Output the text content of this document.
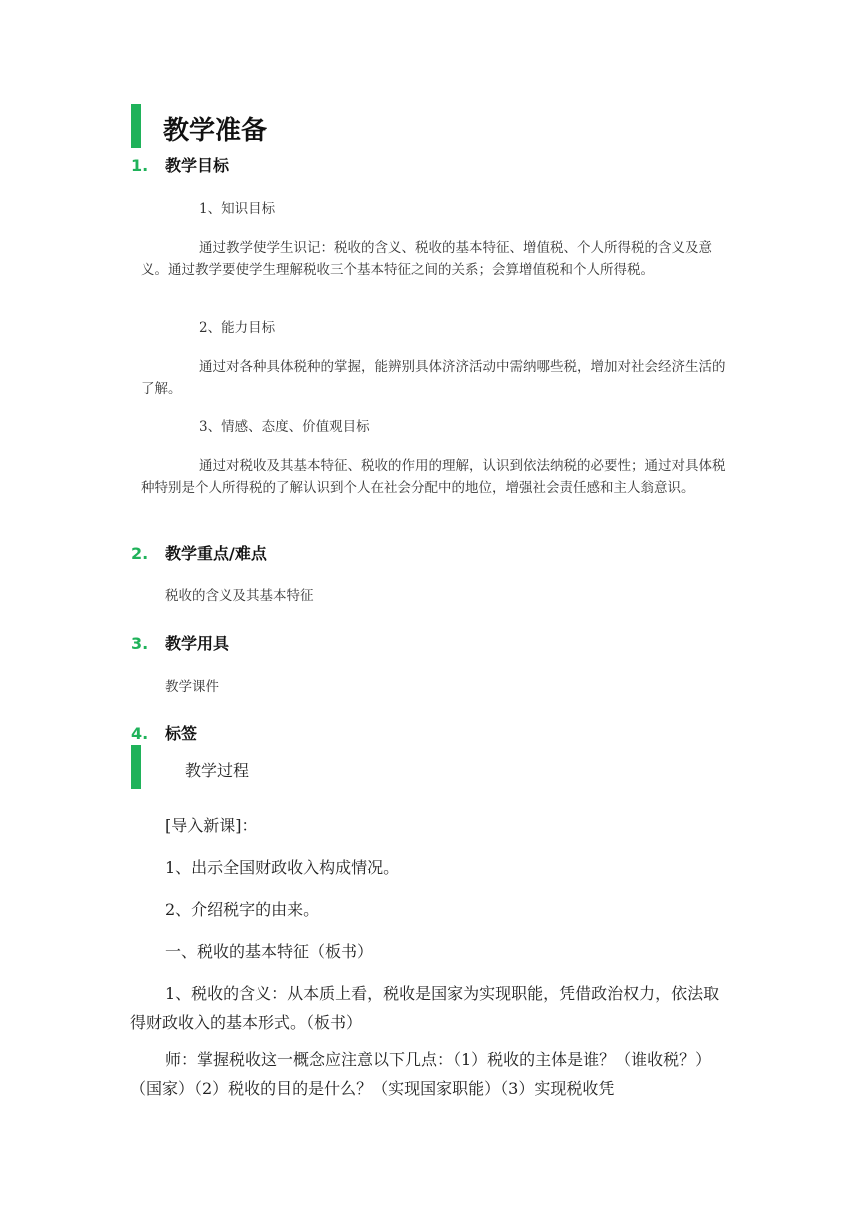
教学准备
1. 教学目标
1、知识目标
通过教学使学生识记：税收的含义、税收的基本特征、增值税、个人所得税的含义及意义。通过教学要使学生理解税收三个基本特征之间的关系；会算增值税和个人所得税。
2、能力目标
通过对各种具体税种的掌握，能辨别具体济济活动中需纳哪些税，增加对社会经济生活的了解。
3、情感、态度、价值观目标
通过对税收及其基本特征、税收的作用的理解，认识到依法纳税的必要性；通过对具体税种特别是个人所得税的了解认识到个人在社会分配中的地位，增强社会责任感和主人翁意识。
2. 教学重点/难点
税收的含义及其基本特征
3. 教学用具
教学课件
4. 标签
教学过程
[导入新课]：
1、出示全国财政收入构成情况。
2、介绍税字的由来。
一、税收的基本特征（板书）
1、税收的含义：从本质上看，税收是国家为实现职能，凭借政治权力，依法取得财政收入的基本形式。（板书）
师：掌握税收这一概念应注意以下几点：（1）税收的主体是谁？（谁收税？）（国家）（2）税收的目的是什么？（实现国家职能）（3）实现税收凭
